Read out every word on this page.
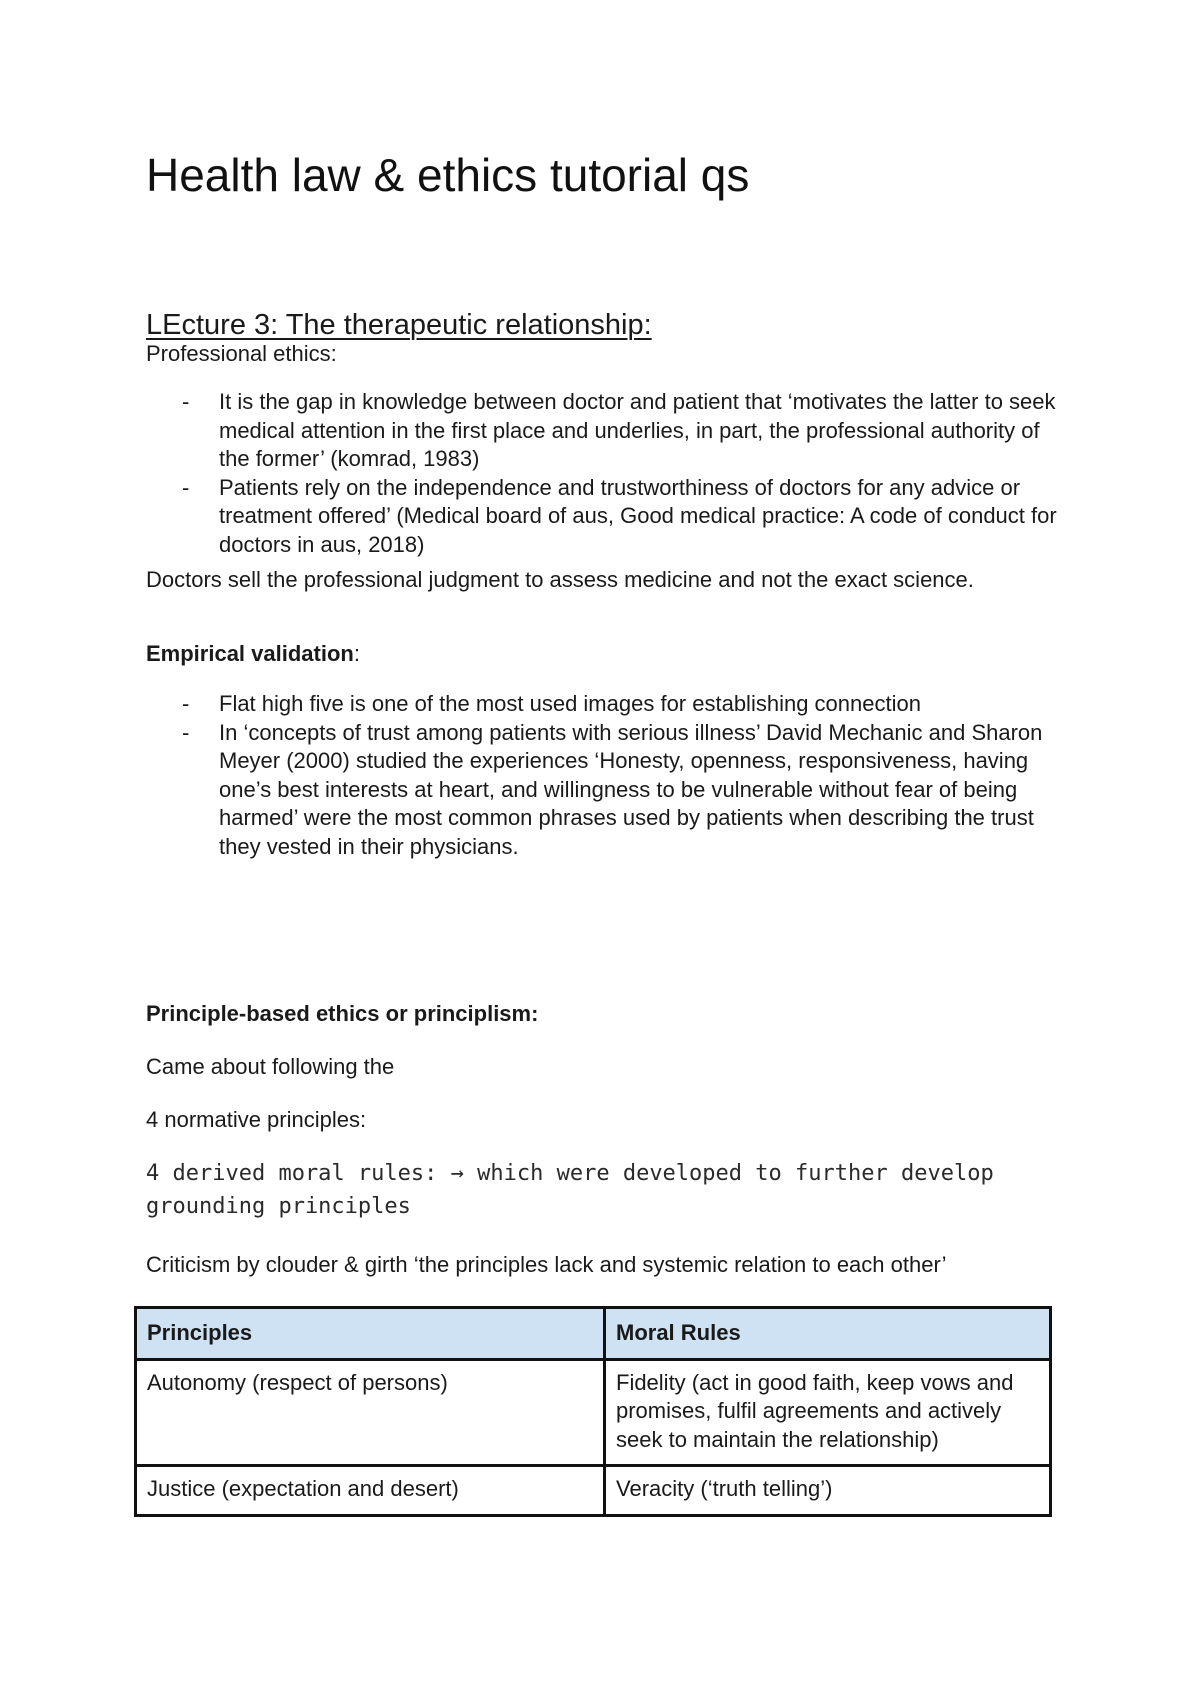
Health law & ethics tutorial qs
LEcture 3: The therapeutic relationship:

Professional ethics:

- It is the gap in knowledge between doctor and patient that ‘motivates the latter to seek medical attention in the first place and underlies, in part, the professional authority of the former’ (komrad, 1983)
- Patients rely on the independence and trustworthiness of doctors for any advice or treatment offered’ (Medical board of aus, Good medical practice: A code of conduct for doctors in aus, 2018)

Doctors sell the professional judgment to assess medicine and not the exact science.

Empirical validation:

- Flat high five is one of the most used images for establishing connection
- In ‘concepts of trust among patients with serious illness’ David Mechanic and Sharon Meyer (2000) studied the experiences ‘Honesty, openness, responsiveness, having one’s best interests at heart, and willingness to be vulnerable without fear of being harmed’ were the most common phrases used by patients when describing the trust they vested in their physicians.

Principle-based ethics or principlism:

Came about following the

4 normative principles:

4 derived moral rules: → which were developed to further develop grounding principles

Criticism by clouder & girth ‘the principles lack and systemic relation to each other’

Principles	Moral Rules
Autonomy (respect of persons)	Fidelity (act in good faith, keep vows and promises, fulfil agreements and actively seek to maintain the relationship)
Justice (expectation and desert)	Veracity (‘truth telling’)
